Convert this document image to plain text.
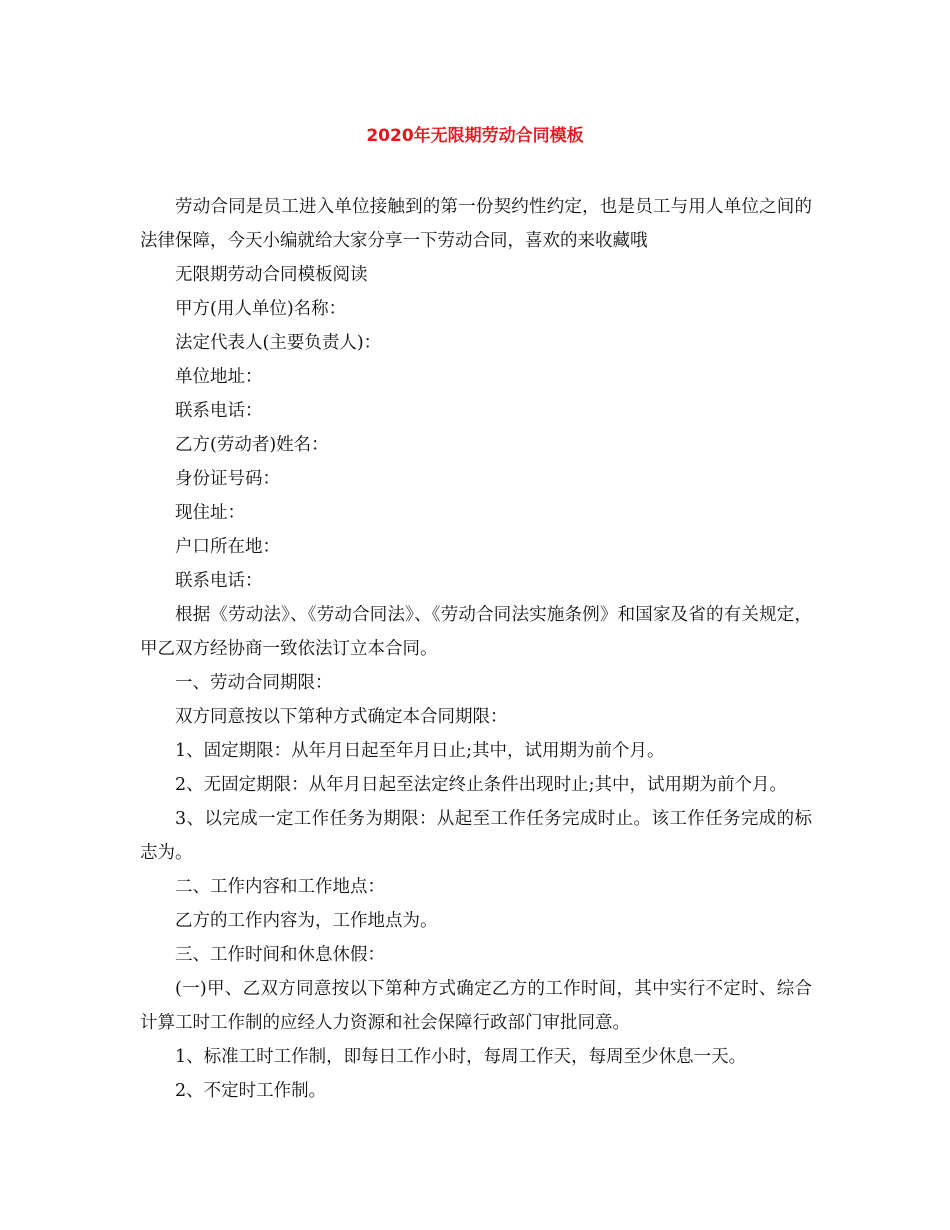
2020年无限期劳动合同模板

劳动合同是员工进入单位接触到的第一份契约性约定，也是员工与用人单位之间的法律保障，今天小编就给大家分享一下劳动合同，喜欢的来收藏哦

无限期劳动合同模板阅读

甲方(用人单位)名称：

法定代表人(主要负责人)：

单位地址：

联系电话：

乙方(劳动者)姓名：

身份证号码：

现住址：

户口所在地：

联系电话：

根据《劳动法》、《劳动合同法》、《劳动合同法实施条例》和国家及省的有关规定，甲乙双方经协商一致依法订立本合同。

一、劳动合同期限：

双方同意按以下第种方式确定本合同期限：

1、固定期限：从年月日起至年月日止;其中，试用期为前个月。

2、无固定期限：从年月日起至法定终止条件出现时止;其中，试用期为前个月。

3、以完成一定工作任务为期限：从起至工作任务完成时止。该工作任务完成的标志为。

二、工作内容和工作地点：

乙方的工作内容为，工作地点为。

三、工作时间和休息休假：

(一)甲、乙双方同意按以下第种方式确定乙方的工作时间，其中实行不定时、综合计算工时工作制的应经人力资源和社会保障行政部门审批同意。

1、标准工时工作制，即每日工作小时，每周工作天，每周至少休息一天。

2、不定时工作制。
